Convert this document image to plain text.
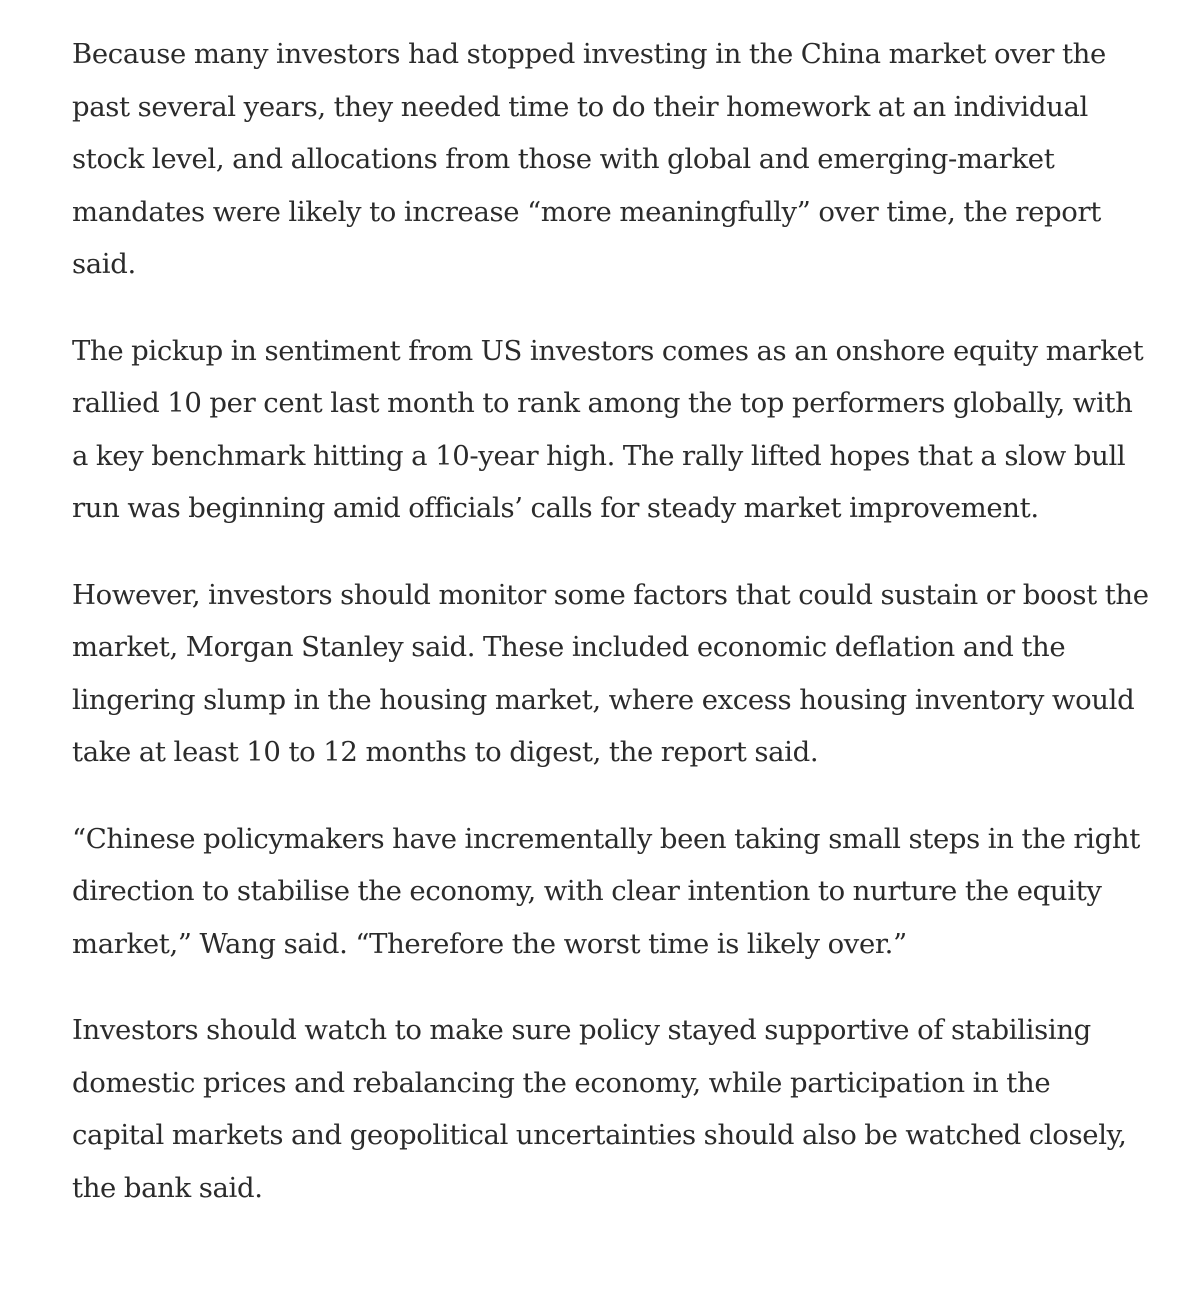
Because many investors had stopped investing in the China market over the past several years, they needed time to do their homework at an individual stock level, and allocations from those with global and emerging-market mandates were likely to increase “more meaningfully” over time, the report said.

The pickup in sentiment from US investors comes as an onshore equity market rallied 10 per cent last month to rank among the top performers globally, with a key benchmark hitting a 10-year high. The rally lifted hopes that a slow bull run was beginning amid officials’ calls for steady market improvement.

However, investors should monitor some factors that could sustain or boost the market, Morgan Stanley said. These included economic deflation and the lingering slump in the housing market, where excess housing inventory would take at least 10 to 12 months to digest, the report said.

“Chinese policymakers have incrementally been taking small steps in the right direction to stabilise the economy, with clear intention to nurture the equity market,” Wang said. “Therefore the worst time is likely over.”

Investors should watch to make sure policy stayed supportive of stabilising domestic prices and rebalancing the economy, while participation in the capital markets and geopolitical uncertainties should also be watched closely, the bank said.
